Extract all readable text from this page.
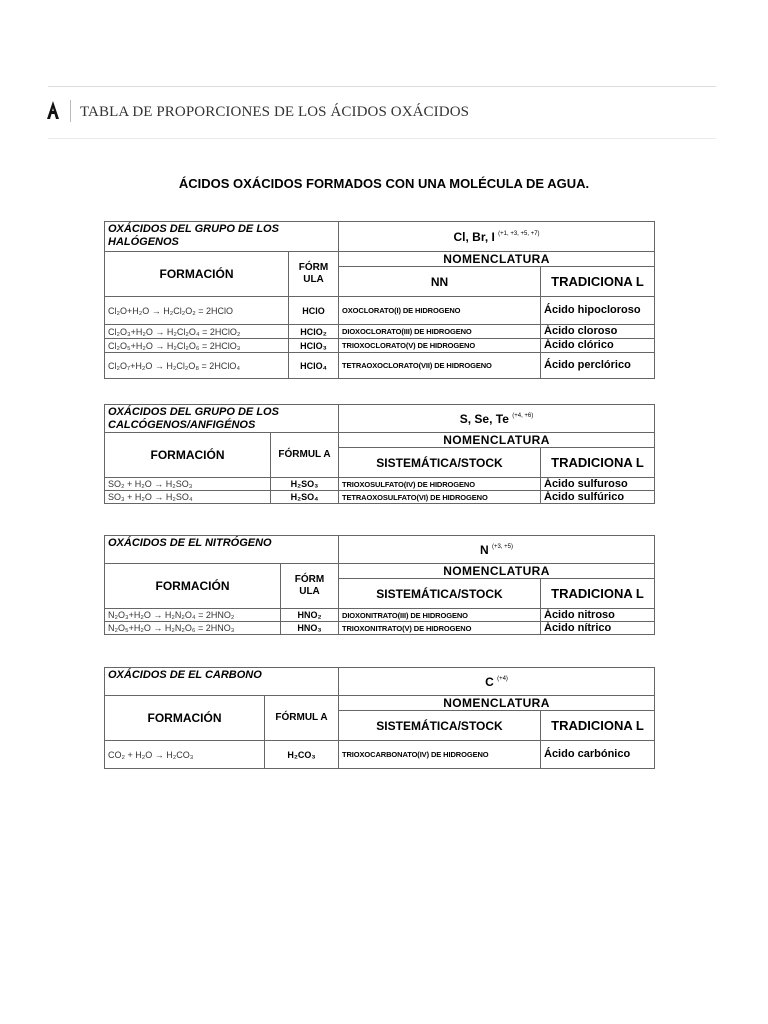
TABLA DE PROPORCIONES DE LOS ÁCIDOS OXÁCIDOS
ÁCIDOS OXÁCIDOS FORMADOS CON UNA MOLÉCULA DE AGUA.
OXÁCIDOS DEL GRUPO DE LOS HALÓGENOS		Cl, Br, I $^{(+1, +3, +5, +7)}$
FORMACIÓN	FÓRM ULA	NOMENCLATURA	
		NN	TRADICIONA L
Cl₂O+H₂O → H₂Cl₂O₂ = 2HClO	HClO	OXOCLORATO(I) DE HIDROGENO	Ácido hipocloroso
Cl₂O₃+H₂O → H₂Cl₂O₄ = 2HClO₂	HClO₂	DIOXOCLORATO(III) DE HIDROGENO	Ácido cloroso
Cl₂O₅+H₂O → H₂Cl₂O₆ = 2HClO₃	HClO₃	TRIOXOCLORATO(V) DE HIDROGENO	Ácido clórico
Cl₂O₇+H₂O → H₂Cl₂O₈ = 2HClO₄	HClO₄	TETRAOXOCLORATO(VII) DE HIDROGENO	Ácido perclórico
OXÁCIDOS DEL GRUPO DE LOS CALCÓGENOS/ANFIGÉNOS		S, Se, Te $^{(+4, +6)}$
FORMACIÓN	FÓRMUL A	NOMENCLATURA	
		SISTEMÁTICA/STOCK	TRADICIONA L
SO₂ + H₂O → H₂SO₃	H₂SO₃	TRIOXOSULFATO(IV) DE HIDROGENO	Ácido sulfuroso
SO₃ + H₂O → H₂SO₄	H₂SO₄	TETRAOXOSULFATO(VI) DE HIDROGENO	Ácido sulfúrico
OXÁCIDOS DE EL NITRÓGENO		N $^{(+3, +5)}$
FORMACIÓN	FÓRM ULA	NOMENCLATURA	
		SISTEMÁTICA/STOCK	TRADICIONA L
N₂O₃+H₂O → H₂N₂O₄ = 2HNO₂	HNO₂	DIOXONITRATO(III) DE HIDROGENO	Ácido nitroso
N₂O₅+H₂O → H₂N₂O₆ = 2HNO₃	HNO₃	TRIOXONITRATO(V) DE HIDROGENO	Ácido nítrico
OXÁCIDOS DE EL CARBONO		C $^{(+4)}$
FORMACIÓN	FÓRMUL A	NOMENCLATURA	
		SISTEMÁTICA/STOCK	TRADICIONA L
CO₂ + H₂O → H₂CO₃	H₂CO₃	TRIOXOCARBONATO(IV) DE HIDROGENO	Ácido carbónico
